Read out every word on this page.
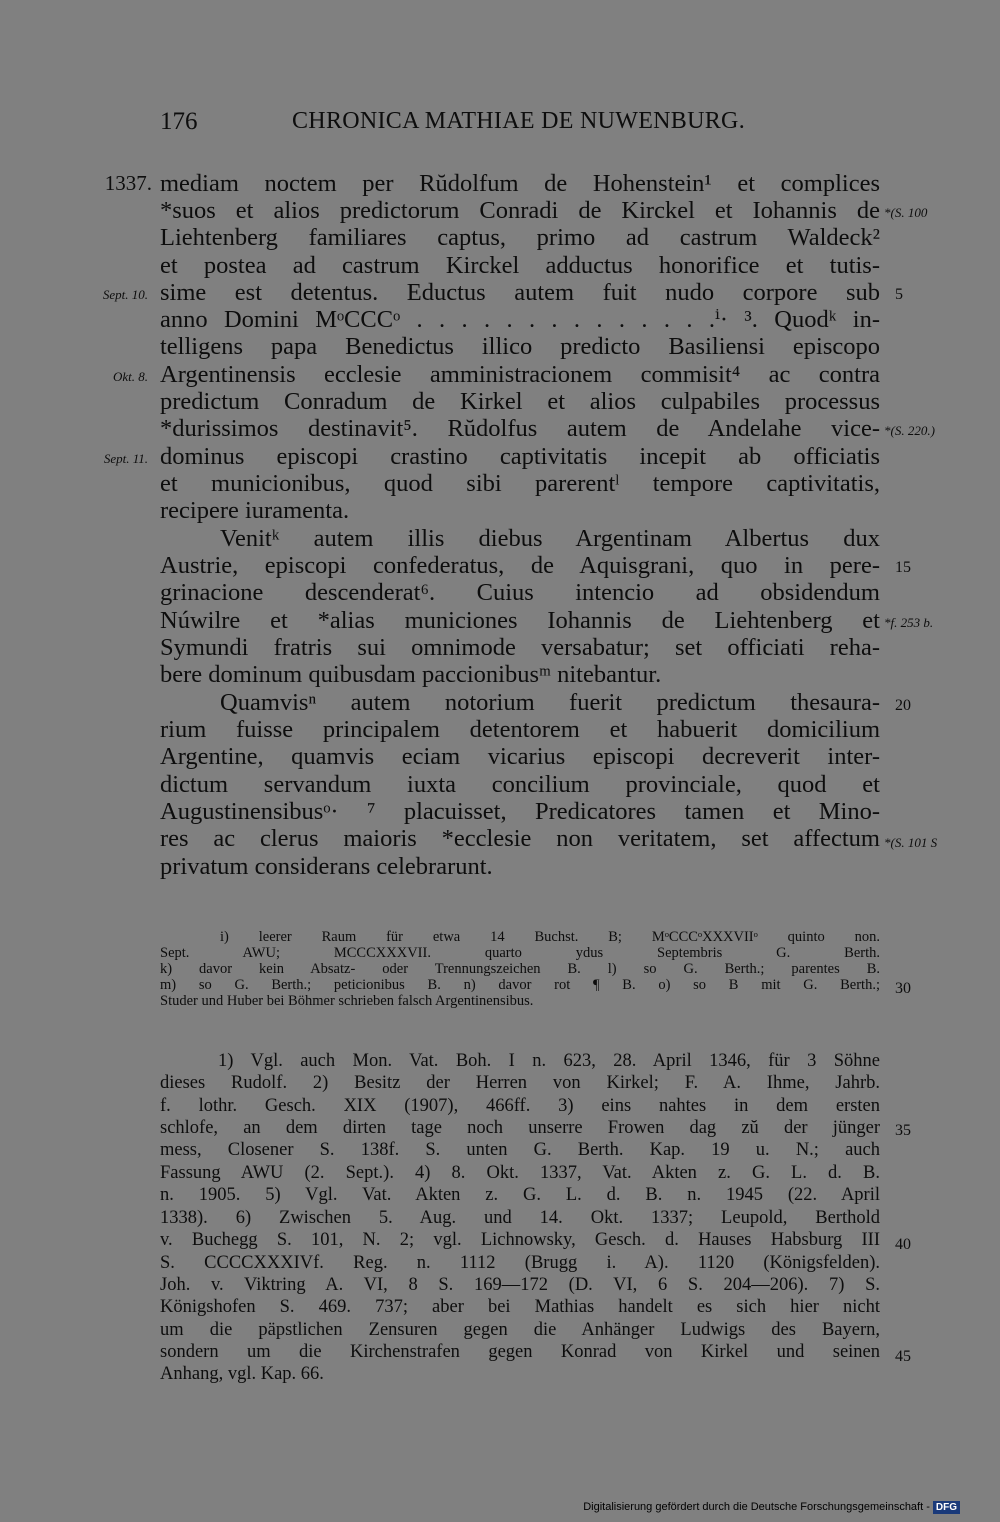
176	CHRONICA MATHIAE DE NUWENBURG.
mediam noctem per Rŭdolfum de Hohenstein¹ et complices
*suos et alios predictorum Conradi de Kirckel et Iohannis de
Liehtenberg familiares captus, primo ad castrum Waldeck²
et postea ad castrum Kirckel adductus honorifice et tutis-
sime est detentus. Eductus autem fuit nudo corpore sub
anno Domini MᵒCCCᵒ . . . . . . . . . . . . . .ⁱ· ³. Quodᵏ in-
telligens papa Benedictus illico predicto Basiliensi episcopo
Argentinensis ecclesie amministracionem commisit⁴ ac contra
predictum Conradum de Kirkel et alios culpabiles processus
*durissimos destinavit⁵. Rŭdolfus autem de Andelahe vice-
dominus episcopi crastino captivitatis incepit ab officiatis
et municionibus, quod sibi parerentˡ tempore captivitatis,
recipere iuramenta.
Venitᵏ autem illis diebus Argentinam Albertus dux
Austrie, episcopi confederatus, de Aquisgrani, quo in pere-
grinacione descenderat⁶. Cuius intencio ad obsidendum
Núwilre et *alias municiones Iohannis de Liehtenberg et
Symundi fratris sui omnimode versabatur; set officiati reha-
bere dominum quibusdam paccionibusᵐ nitebantur.
Quamvisⁿ autem notorium fuerit predictum thesaura-
rium fuisse principalem detentorem et habuerit domicilium
Argentine, quamvis eciam vicarius episcopi decreverit inter-
dictum servandum iuxta concilium provinciale, quod et
Augustinensibusᵒ· ⁷ placuisset, Predicatores tamen et Mino-
res ac clerus maioris *ecclesie non veritatem, set affectum
privatum considerans celebrarunt.
1337.
Sept. 10.
Okt. 8.
Sept. 11.
*(S. 100
5
*(S. 220.)
15
*f. 253 b.
20
*(S. 101 S
30
35
40
45
i) leerer Raum für etwa 14 Buchst. B; MᵒCCCᵒXXXVIIᵒ quinto non.
Sept. AWU; MCCCXXXVII. quarto ydus Septembris G. Berth.
k) davor kein Absatz- oder Trennungszeichen B. l) so G. Berth.; parentes B.
m) so G. Berth.; peticionibus B. n) davor rot ¶ B. o) so B mit G. Berth.;
Studer und Huber bei Böhmer schrieben falsch Argentinensibus.
1) Vgl. auch Mon. Vat. Boh. I n. 623, 28. April 1346, für 3 Söhne
dieses Rudolf. 2) Besitz der Herren von Kirkel; F. A. Ihme, Jahrb.
f. lothr. Gesch. XIX (1907), 466ff. 3) eins nahtes in dem ersten
schlofe, an dem dirten tage noch unserre Frowen dag zŭ der jünger
mess, Closener S. 138f. S. unten G. Berth. Kap. 19 u. N.; auch
Fassung AWU (2. Sept.). 4) 8. Okt. 1337, Vat. Akten z. G. L. d. B.
n. 1905. 5) Vgl. Vat. Akten z. G. L. d. B. n. 1945 (22. April
1338). 6) Zwischen 5. Aug. und 14. Okt. 1337; Leupold, Berthold
v. Buchegg S. 101, N. 2; vgl. Lichnowsky, Gesch. d. Hauses Habsburg III
S. CCCCXXXIVf. Reg. n. 1112 (Brugg i. A). 1120 (Königsfelden).
Joh. v. Viktring A. VI, 8 S. 169—172 (D. VI, 6 S. 204—206). 7) S.
Königshofen S. 469. 737; aber bei Mathias handelt es sich hier nicht
um die päpstlichen Zensuren gegen die Anhänger Ludwigs des Bayern,
sondern um die Kirchenstrafen gegen Konrad von Kirkel und seinen
Anhang, vgl. Kap. 66.
Digitalisierung gefördert durch die Deutsche Forschungsgemeinschaft - DFG
